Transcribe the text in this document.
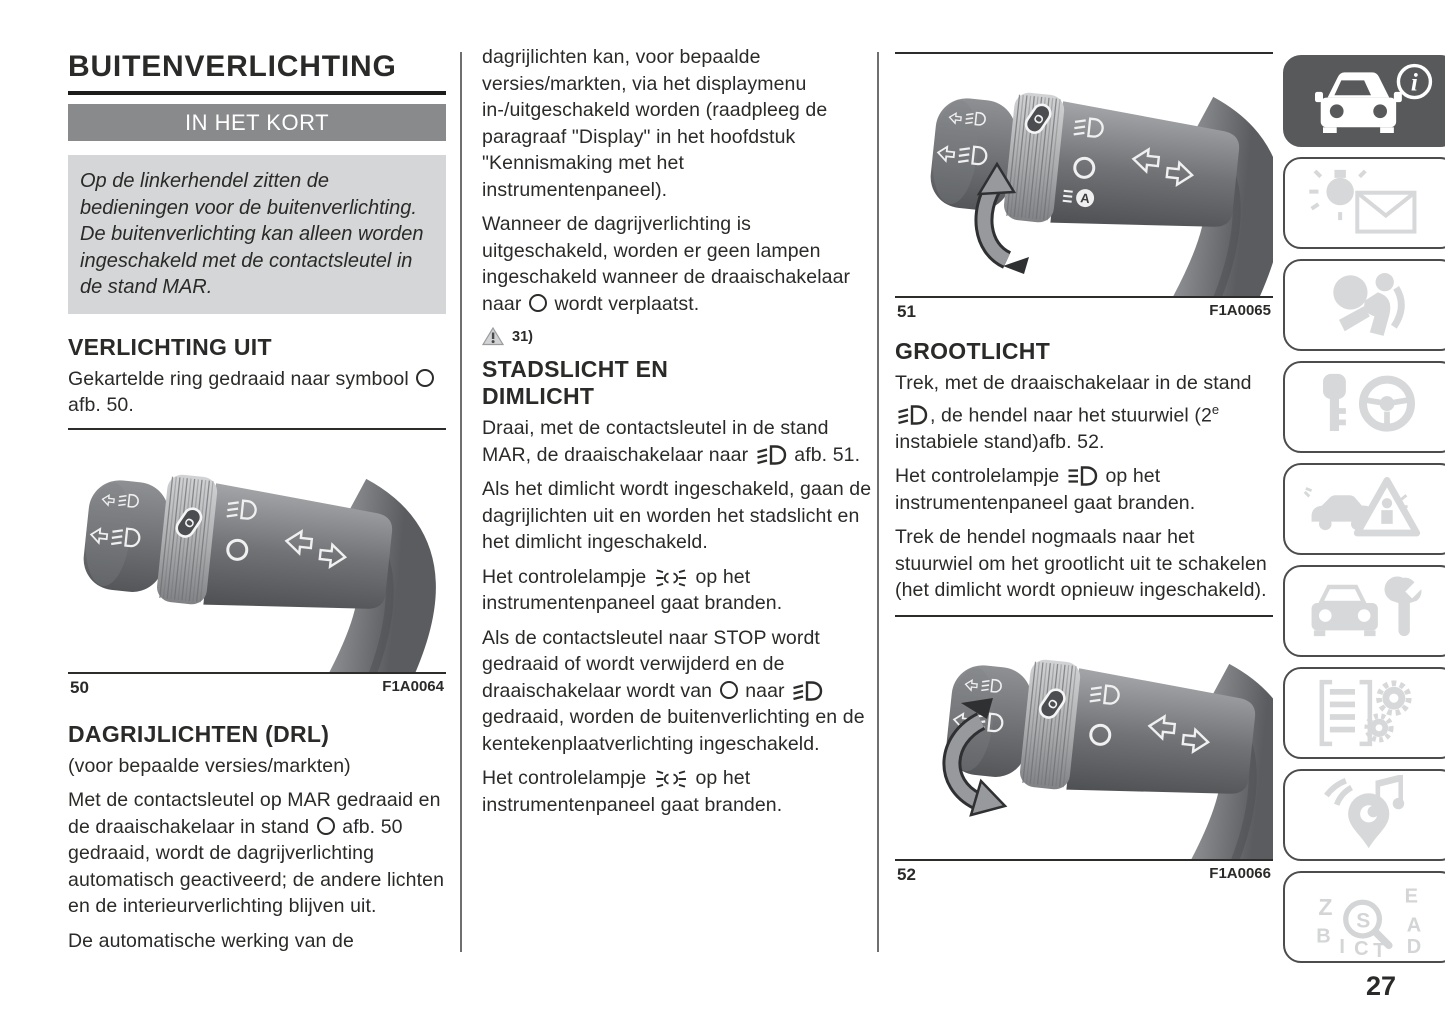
BUITENVERLICHTING
IN HET KORT
Op de linkerhendel zitten de bedieningen voor de buitenverlichting. De buitenverlichting kan alleen worden ingeschakeld met de contactsleutel in de stand MAR.
VERLICHTING UIT

Gekartelde ring gedraaid naar symbool  afb. 50.

O
50	F1A0064
DAGRIJLICHTEN (DRL)

(voor bepaalde versies/markten)

Met de contactsleutel op MAR gedraaid en de draaischakelaar in stand afb. 50 gedraaid, wordt de dagrijverlichting automatisch geactiveerd; de andere lichten en de interieurverlichting blijven uit.

De automatische werking van de

dagrijlichten kan, voor bepaalde versies/markten, via het displaymenu in-/uitgeschakeld worden (raadpleeg de paragraaf "Display" in het hoofdstuk "Kennismaking met het instrumentenpaneel).

Wanneer de dagrijverlichting is uitgeschakeld, worden er geen lampen ingeschakeld wanneer de draaischakelaar naar wordt verplaatst.

31)
STADSLICHT EN
DIMLICHT

Draai, met de contactsleutel in de stand MAR, de draaischakelaar naar afb. 51.

Als het dimlicht wordt ingeschakeld, gaan de dagrijlichten uit en worden het stadslicht en het dimlicht ingeschakeld.

Het controlelampje	op het instrumentenpaneel gaat branden.

Als de contactsleutel naar STOP wordt gedraaid of wordt verwijderd en de draaischakelaar wordt van naar  gedraaid, worden de buitenverlichting en de kentekenplaatverlichting ingeschakeld.

Het controlelampje	op het instrumentenpaneel gaat branden.

O
A
51	F1A0065
GROOTLICHT

Trek, met de draaischakelaar in de stand , de hendel naar het stuurwiel (2e instabiele stand)afb. 52.

Het controlelampje op het instrumentenpaneel gaat branden.

Trek de hendel nogmaals naar het stuurwiel om het grootlicht uit te schakelen (het dimlicht wordt opnieuw ingeschakeld).

O
52	F1A0066
i
Z	E
B	A
I C T D
S
27
